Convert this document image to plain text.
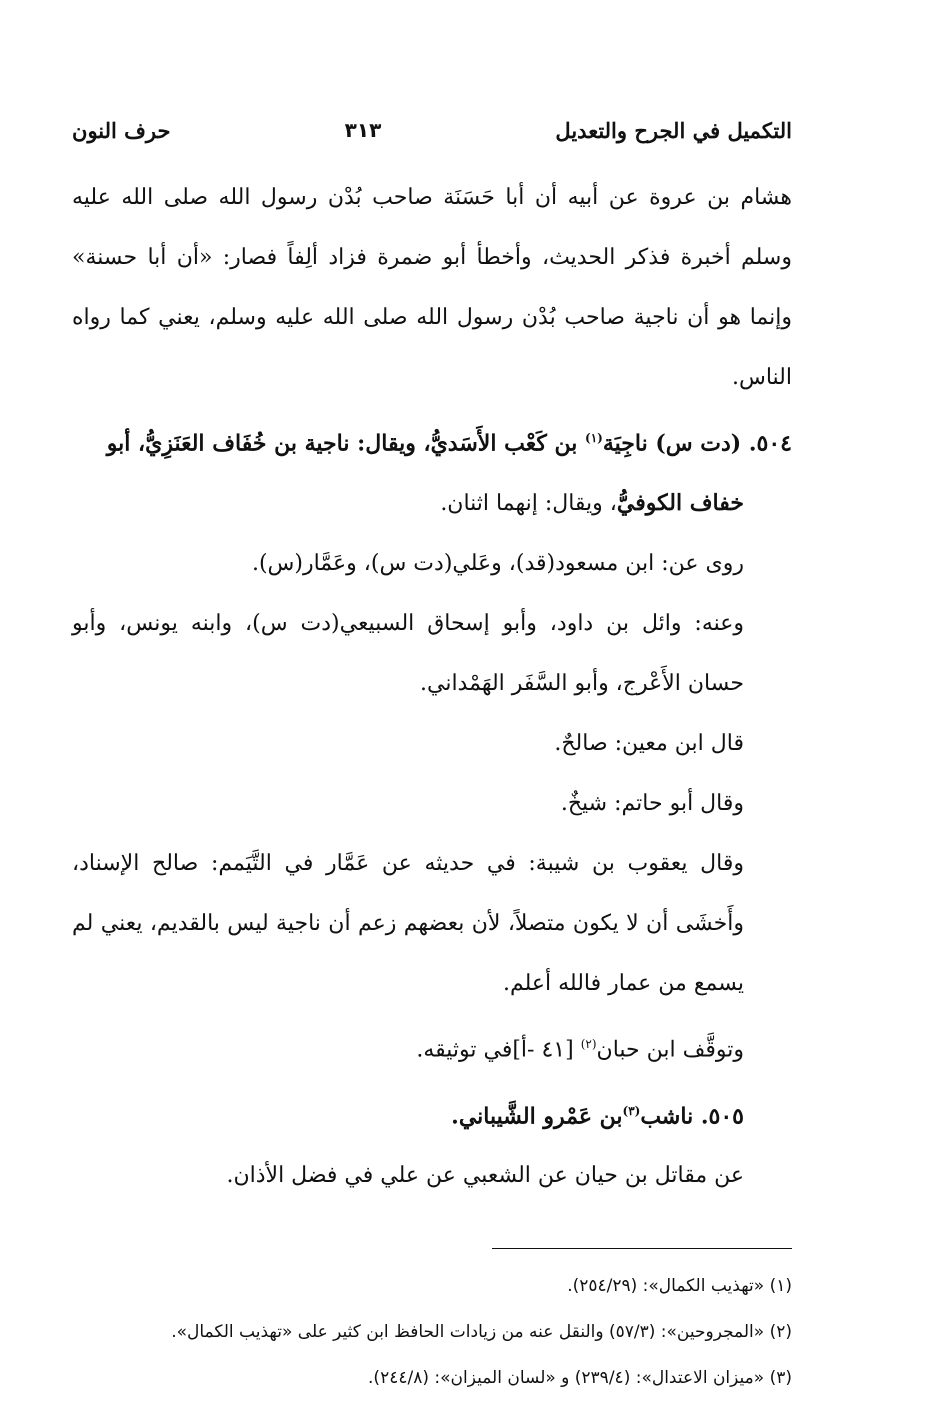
التكميل في الجرح والتعديل
٣١٣
حرف النون

هشام بن عروة عن أبيه أن أبا حَسَنَة صاحب بُدْن رسول الله صلى الله عليه وسلم أخبرة فذكر الحديث، وأخطأ أبو ضمرة فزاد ألِفاً فصار: «أن أبا حسنة» وإنما هو أن ناجية صاحب بُدْن رسول الله صلى الله عليه وسلم، يعني كما رواه الناس.

٥٠٤. (دت س) ناجِيَة$^{(١)}$ بن كَعْب الأَسَديُّ، ويقال: ناجية بن خُفَاف العَنَزِيُّ، أبو
خفاف الكوفيُّ، ويقال: إنهما اثنان.

روى عن: ابن مسعود(قد)، وعَلي(دت س)، وعَمَّار(س).

وعنه: وائل بن داود، وأبو إسحاق السبيعي(دت س)، وابنه يونس، وأبو حسان الأَعْرج، وأبو السَّفَر الهَمْداني.

قال ابن معين: صالحٌ.

وقال أبو حاتم: شيخٌ.

وقال يعقوب بن شيبة: في حديثه عن عَمَّار في التَّيَمم: صالح الإسناد، وأَخشَى أن لا يكون متصلاً، لأن بعضهم زعم أن ناجية ليس بالقديم، يعني لم يسمع من عمار فالله أعلم.

وتوقَّف ابن حبان$^{(٢)}$ [٤١ -أ]في توثيقه.

٥٠٥. ناشب$^{(٣)}$بن عَمْرو الشَّيباني.

عن مقاتل بن حيان عن الشعبي عن علي في فضل الأذان.

(١) «تهذيب الكمال»: (٢٥٤/٢٩).

(٢) «المجروحين»: (٥٧/٣) والنقل عنه من زيادات الحافظ ابن كثير على «تهذيب الكمال».

(٣) «ميزان الاعتدال»: (٢٣٩/٤) و «لسان الميزان»: (٢٤٤/٨).
